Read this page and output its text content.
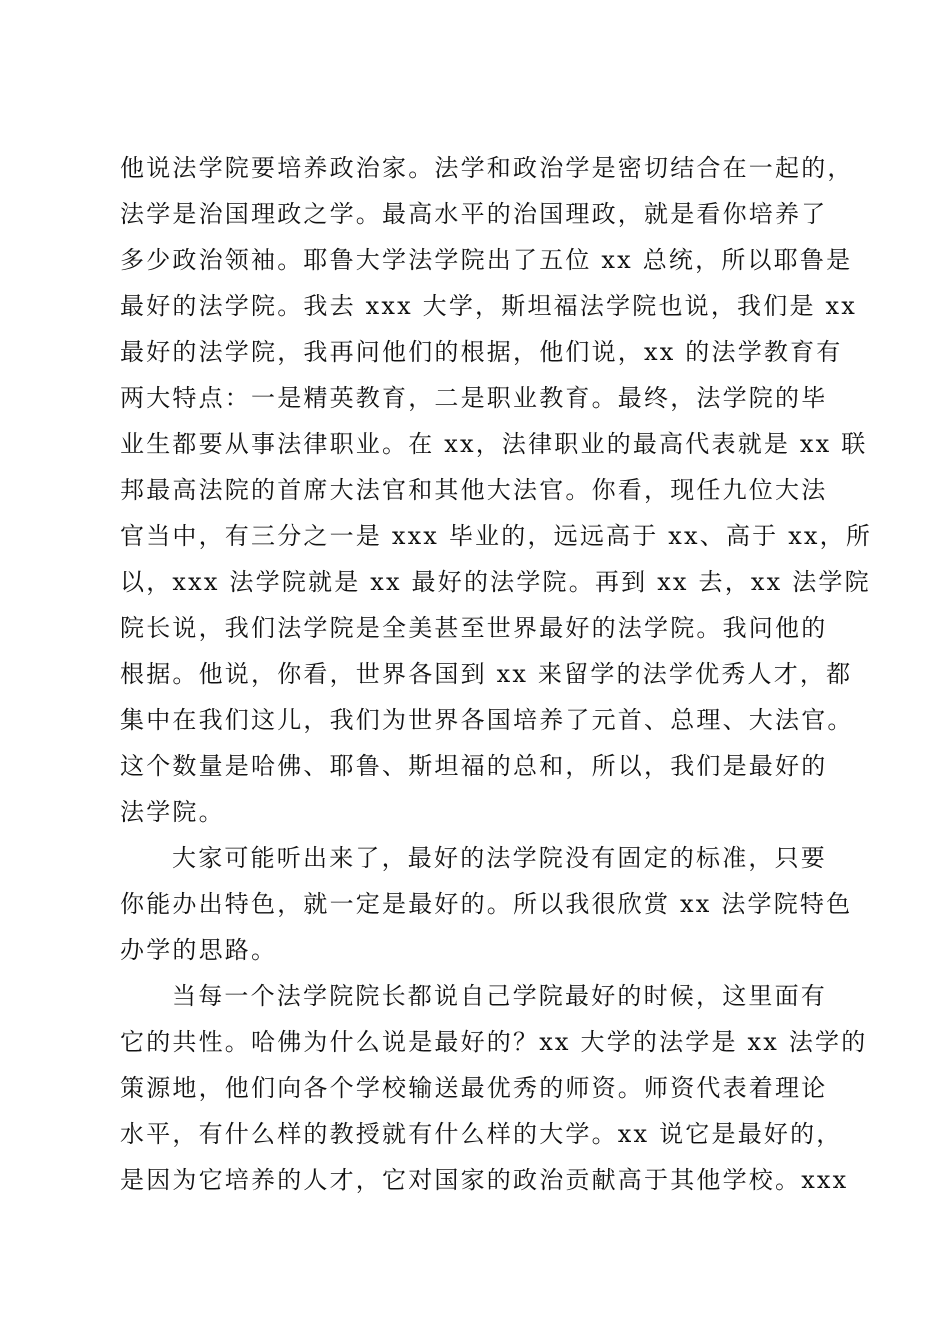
他说法学院要培养政治家。法学和政治学是密切结合在一起的，
法学是治国理政之学。最高水平的治国理政，就是看你培养了
多少政治领袖。耶鲁大学法学院出了五位 xx 总统，所以耶鲁是
最好的法学院。我去 xxx 大学，斯坦福法学院也说，我们是 xx
最好的法学院，我再问他们的根据，他们说，xx 的法学教育有
两大特点：一是精英教育，二是职业教育。最终，法学院的毕
业生都要从事法律职业。在 xx，法律职业的最高代表就是 xx 联
邦最高法院的首席大法官和其他大法官。你看，现任九位大法
官当中，有三分之一是 xxx 毕业的，远远高于 xx、高于 xx，所
以，xxx 法学院就是 xx 最好的法学院。再到 xx 去，xx 法学院
院长说，我们法学院是全美甚至世界最好的法学院。我问他的
根据。他说，你看，世界各国到 xx 来留学的法学优秀人才，都
集中在我们这儿，我们为世界各国培养了元首、总理、大法官。
这个数量是哈佛、耶鲁、斯坦福的总和，所以，我们是最好的
法学院。
大家可能听出来了，最好的法学院没有固定的标准，只要
你能办出特色，就一定是最好的。所以我很欣赏 xx 法学院特色
办学的思路。
当每一个法学院院长都说自己学院最好的时候，这里面有
它的共性。哈佛为什么说是最好的？xx 大学的法学是 xx 法学的
策源地，他们向各个学校输送最优秀的师资。师资代表着理论
水平，有什么样的教授就有什么样的大学。xx 说它是最好的，
是因为它培养的人才，它对国家的政治贡献高于其他学校。xxx
